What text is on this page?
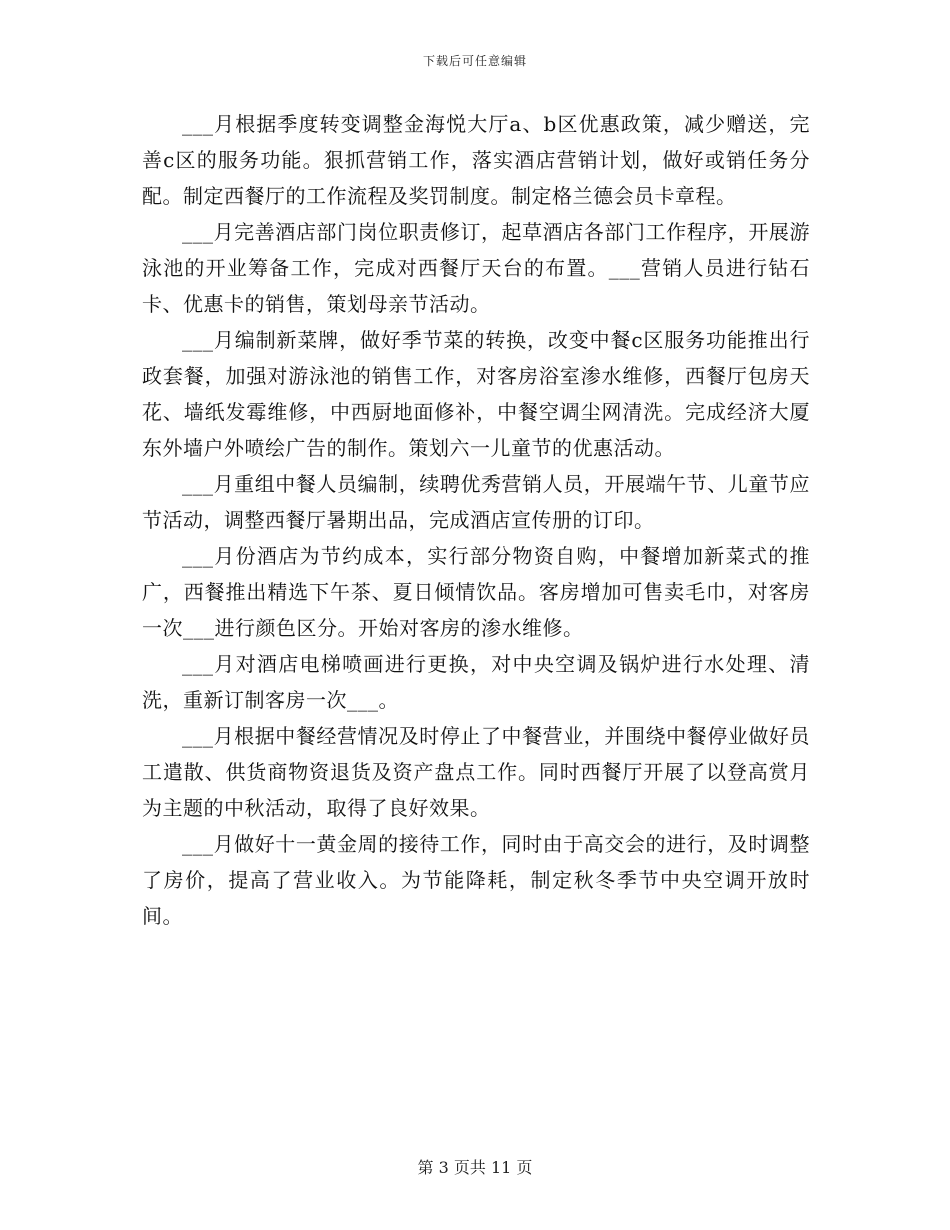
下载后可任意编辑

___月根据季度转变调整金海悦大厅a、b区优惠政策，减少赠送，完善c区的服务功能。狠抓营销工作，落实酒店营销计划，做好或销任务分配。制定西餐厅的工作流程及奖罚制度。制定格兰德会员卡章程。

___月完善酒店部门岗位职责修订，起草酒店各部门工作程序，开展游泳池的开业筹备工作，完成对西餐厅天台的布置。___营销人员进行钻石卡、优惠卡的销售，策划母亲节活动。

___月编制新菜牌，做好季节菜的转换，改变中餐c区服务功能推出行政套餐，加强对游泳池的销售工作，对客房浴室渗水维修，西餐厅包房天花、墙纸发霉维修，中西厨地面修补，中餐空调尘网清洗。完成经济大厦东外墙户外喷绘广告的制作。策划六一儿童节的优惠活动。

___月重组中餐人员编制，续聘优秀营销人员，开展端午节、儿童节应节活动，调整西餐厅暑期出品，完成酒店宣传册的订印。

___月份酒店为节约成本，实行部分物资自购，中餐增加新菜式的推广，西餐推出精选下午茶、夏日倾情饮品。客房增加可售卖毛巾，对客房一次___进行颜色区分。开始对客房的渗水维修。

___月对酒店电梯喷画进行更换，对中央空调及锅炉进行水处理、清洗，重新订制客房一次___。

___月根据中餐经营情况及时停止了中餐营业，并围绕中餐停业做好员工遣散、供货商物资退货及资产盘点工作。同时西餐厅开展了以登高赏月为主题的中秋活动，取得了良好效果。

___月做好十一黄金周的接待工作，同时由于高交会的进行，及时调整了房价，提高了营业收入。为节能降耗，制定秋冬季节中央空调开放时间。

第 3 页共 11 页
